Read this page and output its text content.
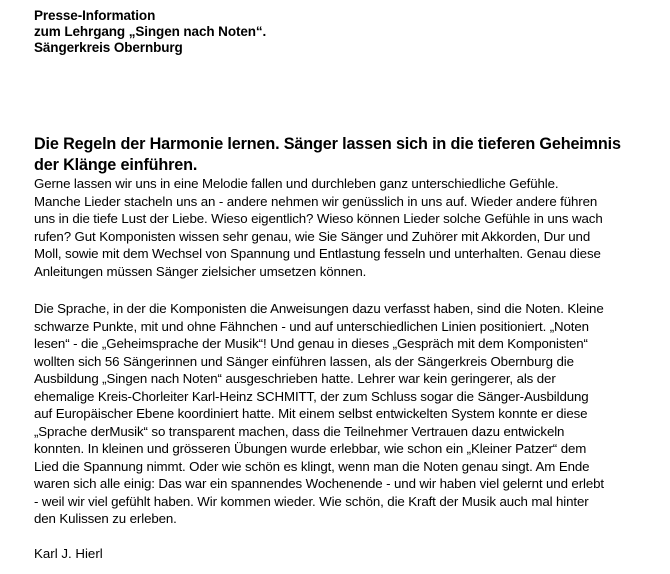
Presse-Information
zum Lehrgang „Singen nach Noten“.
Sängerkreis Obernburg
Die Regeln der Harmonie lernen. Sänger lassen sich in die tieferen Geheimnis
der Klänge einführen.
Gerne lassen wir uns in eine Melodie fallen und durchleben ganz unterschiedliche Gefühle.
Manche Lieder stacheln uns an - andere nehmen wir genüsslich in uns auf. Wieder andere führen
uns in die tiefe Lust der Liebe. Wieso eigentlich? Wieso können Lieder solche Gefühle in uns wach
rufen? Gut Komponisten wissen sehr genau, wie Sie Sänger und Zuhörer mit Akkorden, Dur und
Moll, sowie mit dem Wechsel von Spannung und Entlastung fesseln und unterhalten. Genau diese
Anleitungen müssen Sänger zielsicher umsetzen können.
Die Sprache, in der die Komponisten die Anweisungen dazu verfasst haben, sind die Noten. Kleine
schwarze Punkte, mit und ohne Fähnchen - und auf unterschiedlichen Linien positioniert. „Noten
lesen“ - die „Geheimsprache der Musik“! Und genau in dieses „Gespräch mit dem Komponisten“
wollten sich 56 Sängerinnen und Sänger einführen lassen, als der Sängerkreis Obernburg die
Ausbildung „Singen nach Noten“ ausgeschrieben hatte. Lehrer war kein geringerer, als der
ehemalige Kreis-Chorleiter Karl-Heinz SCHMITT, der zum Schluss sogar die Sänger-Ausbildung
auf Europäischer Ebene koordiniert hatte. Mit einem selbst entwickelten System konnte er diese
„Sprache derMusik“ so transparent machen, dass die Teilnehmer Vertrauen dazu entwickeln
konnten. In kleinen und grösseren Übungen wurde erlebbar, wie schon ein „Kleiner Patzer“ dem
Lied die Spannung nimmt. Oder wie schön es klingt, wenn man die Noten genau singt. Am Ende
waren sich alle einig: Das war ein spannendes Wochenende - und wir haben viel gelernt und erlebt
- weil wir viel gefühlt haben. Wir kommen wieder. Wie schön, die Kraft der Musik auch mal hinter
den Kulissen zu erleben.
Karl J. Hierl
